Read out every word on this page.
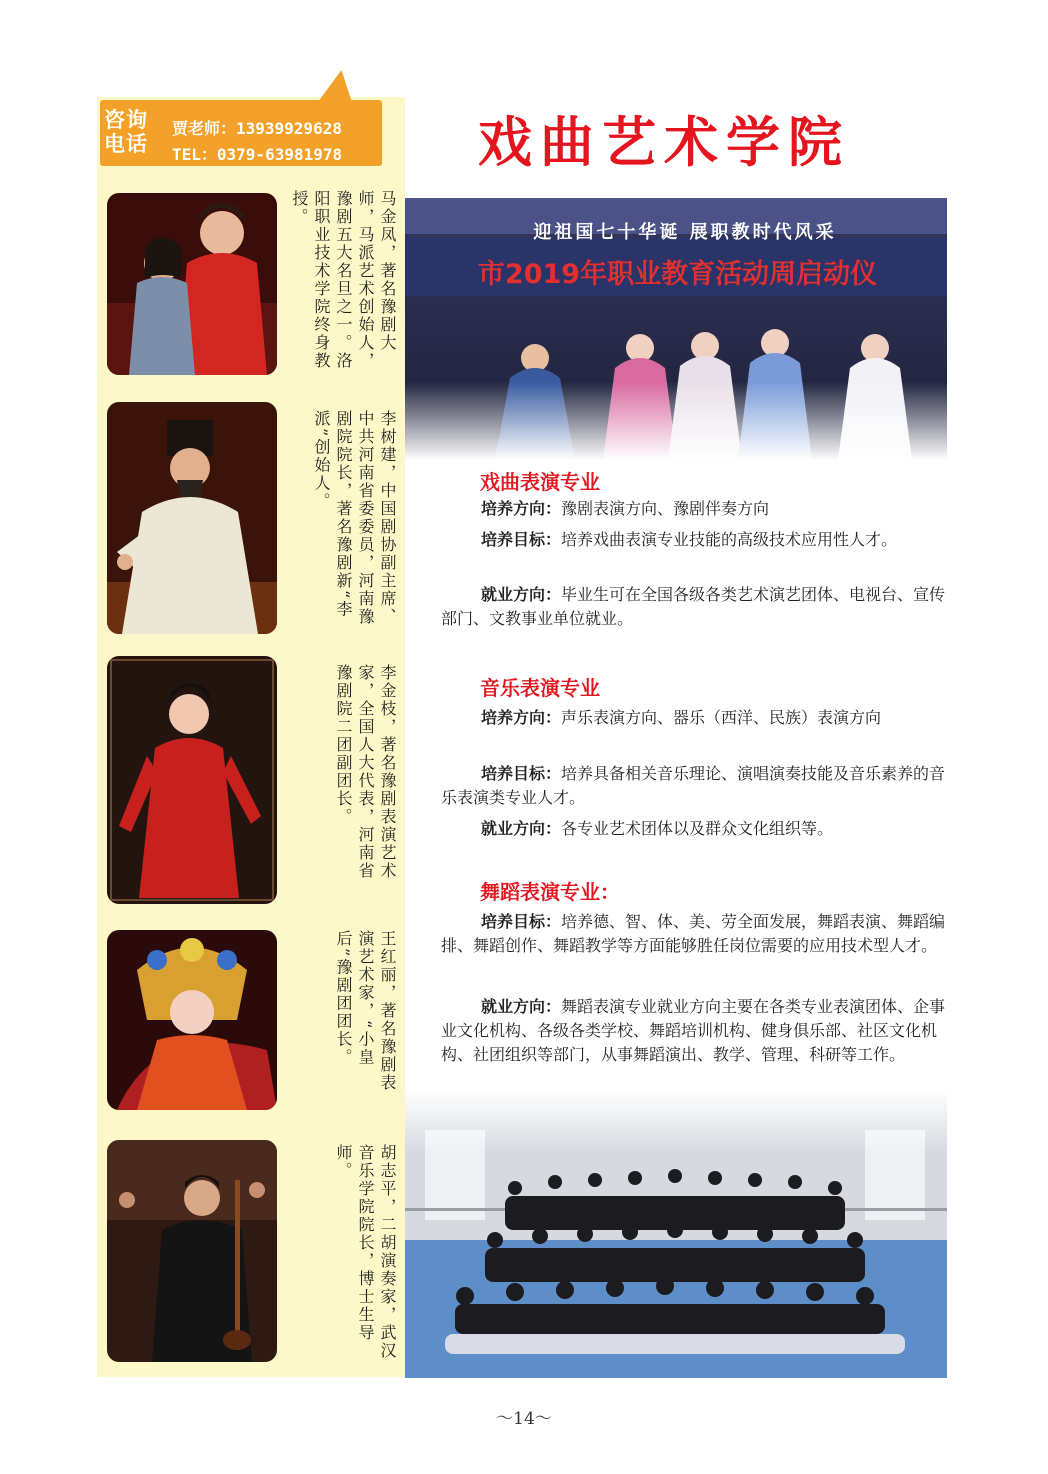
咨询
电话
贾老师：13939929628
TEL：0379-63981978
马金凤，著名豫剧大师，马派艺术创始人，豫剧五大名旦之一。洛阳职业技术学院终身教授。
李树建，中国剧协副主席、中共河南省委委员，河南豫剧院院长，著名豫剧新“李派”创始人。
李金枝，著名豫剧表演艺术家，全国人大代表，河南省豫剧院二团副团长。
王红丽，著名豫剧表演艺术家，“小皇后”豫剧团团长。
胡志平，二胡演奏家，武汉音乐学院院长，博士生导师。
戏曲艺术学院
迎祖国七十华诞 展职教时代风采
市2019年职业教育活动周启动仪
戏曲表演专业
培养方向：豫剧表演方向、豫剧伴奏方向
培养目标：培养戏曲表演专业技能的高级技术应用性人才。
就业方向：毕业生可在全国各级各类艺术演艺团体、电视台、宣传部门、文教事业单位就业。
音乐表演专业
培养方向：声乐表演方向、器乐（西洋、民族）表演方向
培养目标：培养具备相关音乐理论、演唱演奏技能及音乐素养的音乐表演类专业人才。
就业方向：各专业艺术团体以及群众文化组织等。
舞蹈表演专业：
培养目标：培养德、智、体、美、劳全面发展，舞蹈表演、舞蹈编排、舞蹈创作、舞蹈教学等方面能够胜任岗位需要的应用技术型人才。
就业方向：舞蹈表演专业就业方向主要在各类专业表演团体、企事业文化机构、各级各类学校、舞蹈培训机构、健身俱乐部、社区文化机构、社团组织等部门，从事舞蹈演出、教学、管理、科研等工作。
～14～
